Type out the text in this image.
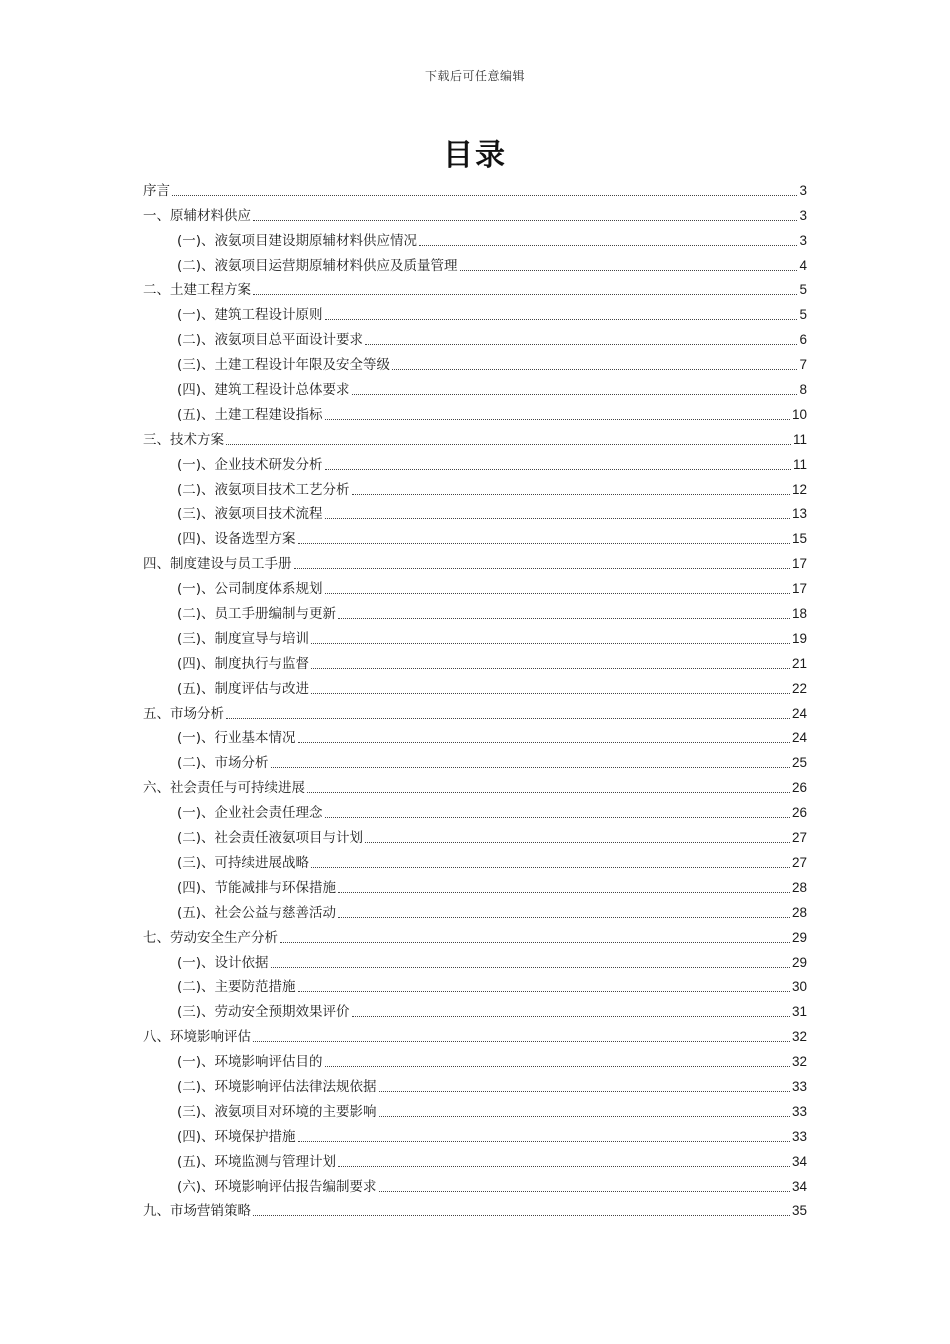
下载后可任意编辑
目录
序言	3
一、原辅材料供应	3
(一)、液氨项目建设期原辅材料供应情况	3
(二)、液氨项目运营期原辅材料供应及质量管理	4
二、土建工程方案	5
(一)、建筑工程设计原则	5
(二)、液氨项目总平面设计要求	6
(三)、土建工程设计年限及安全等级	7
(四)、建筑工程设计总体要求	8
(五)、土建工程建设指标	10
三、技术方案	11
(一)、企业技术研发分析	11
(二)、液氨项目技术工艺分析	12
(三)、液氨项目技术流程	13
(四)、设备选型方案	15
四、制度建设与员工手册	17
(一)、公司制度体系规划	17
(二)、员工手册编制与更新	18
(三)、制度宣导与培训	19
(四)、制度执行与监督	21
(五)、制度评估与改进	22
五、市场分析	24
(一)、行业基本情况	24
(二)、市场分析	25
六、社会责任与可持续进展	26
(一)、企业社会责任理念	26
(二)、社会责任液氨项目与计划	27
(三)、可持续进展战略	27
(四)、节能减排与环保措施	28
(五)、社会公益与慈善活动	28
七、劳动安全生产分析	29
(一)、设计依据	29
(二)、主要防范措施	30
(三)、劳动安全预期效果评价	31
八、环境影响评估	32
(一)、环境影响评估目的	32
(二)、环境影响评估法律法规依据	33
(三)、液氨项目对环境的主要影响	33
(四)、环境保护措施	33
(五)、环境监测与管理计划	34
(六)、环境影响评估报告编制要求	34
九、市场营销策略	35
